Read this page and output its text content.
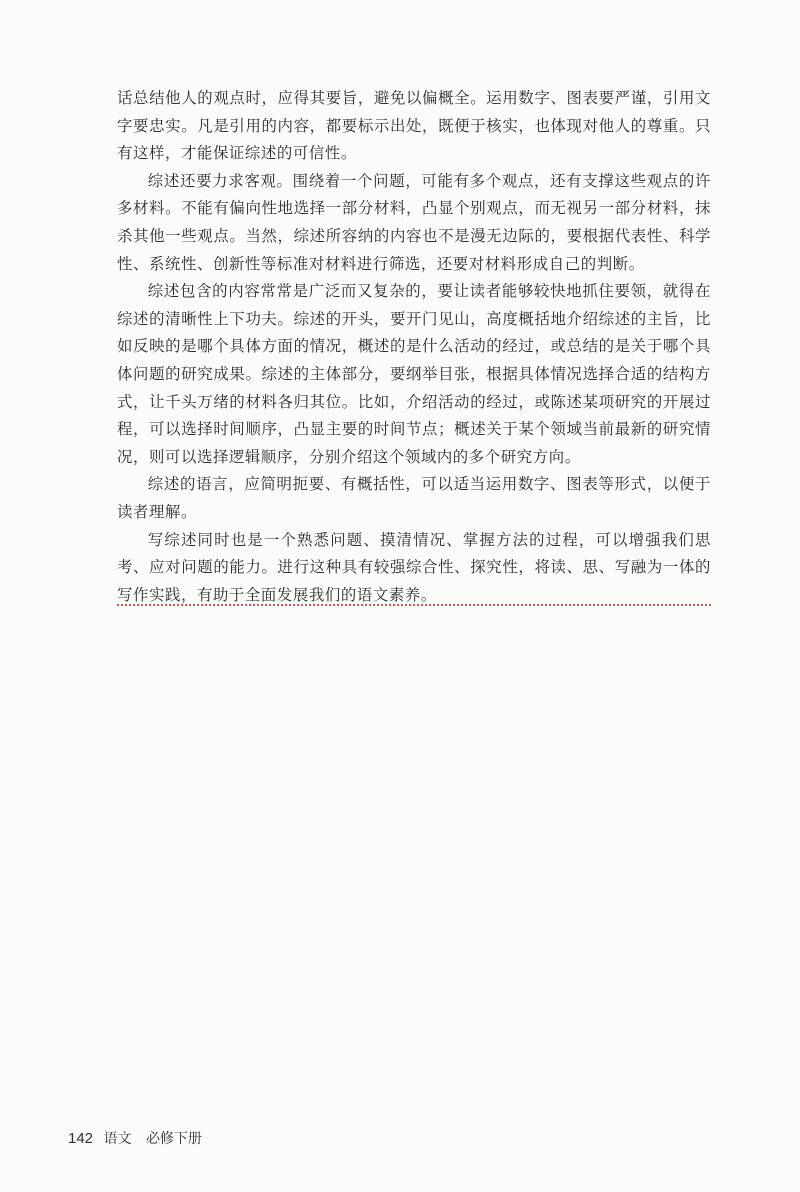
话总结他人的观点时，应得其要旨，避免以偏概全。运用数字、图表要严谨，引用文字要忠实。凡是引用的内容，都要标示出处，既便于核实，也体现对他人的尊重。只有这样，才能保证综述的可信性。

综述还要力求客观。围绕着一个问题，可能有多个观点，还有支撑这些观点的许多材料。不能有偏向性地选择一部分材料，凸显个别观点，而无视另一部分材料，抹杀其他一些观点。当然，综述所容纳的内容也不是漫无边际的，要根据代表性、科学性、系统性、创新性等标准对材料进行筛选，还要对材料形成自己的判断。

综述包含的内容常常是广泛而又复杂的，要让读者能够较快地抓住要领，就得在综述的清晰性上下功夫。综述的开头，要开门见山，高度概括地介绍综述的主旨，比如反映的是哪个具体方面的情况，概述的是什么活动的经过，或总结的是关于哪个具体问题的研究成果。综述的主体部分，要纲举目张，根据具体情况选择合适的结构方式，让千头万绪的材料各归其位。比如，介绍活动的经过，或陈述某项研究的开展过程，可以选择时间顺序，凸显主要的时间节点；概述关于某个领域当前最新的研究情况，则可以选择逻辑顺序，分别介绍这个领域内的多个研究方向。

综述的语言，应简明扼要、有概括性，可以适当运用数字、图表等形式，以便于读者理解。

写综述同时也是一个熟悉问题、摸清情况、掌握方法的过程，可以增强我们思考、应对问题的能力。进行这种具有较强综合性、探究性，将读、思、写融为一体的写作实践，有助于全面发展我们的语文素养。

142 语文 必修下册
